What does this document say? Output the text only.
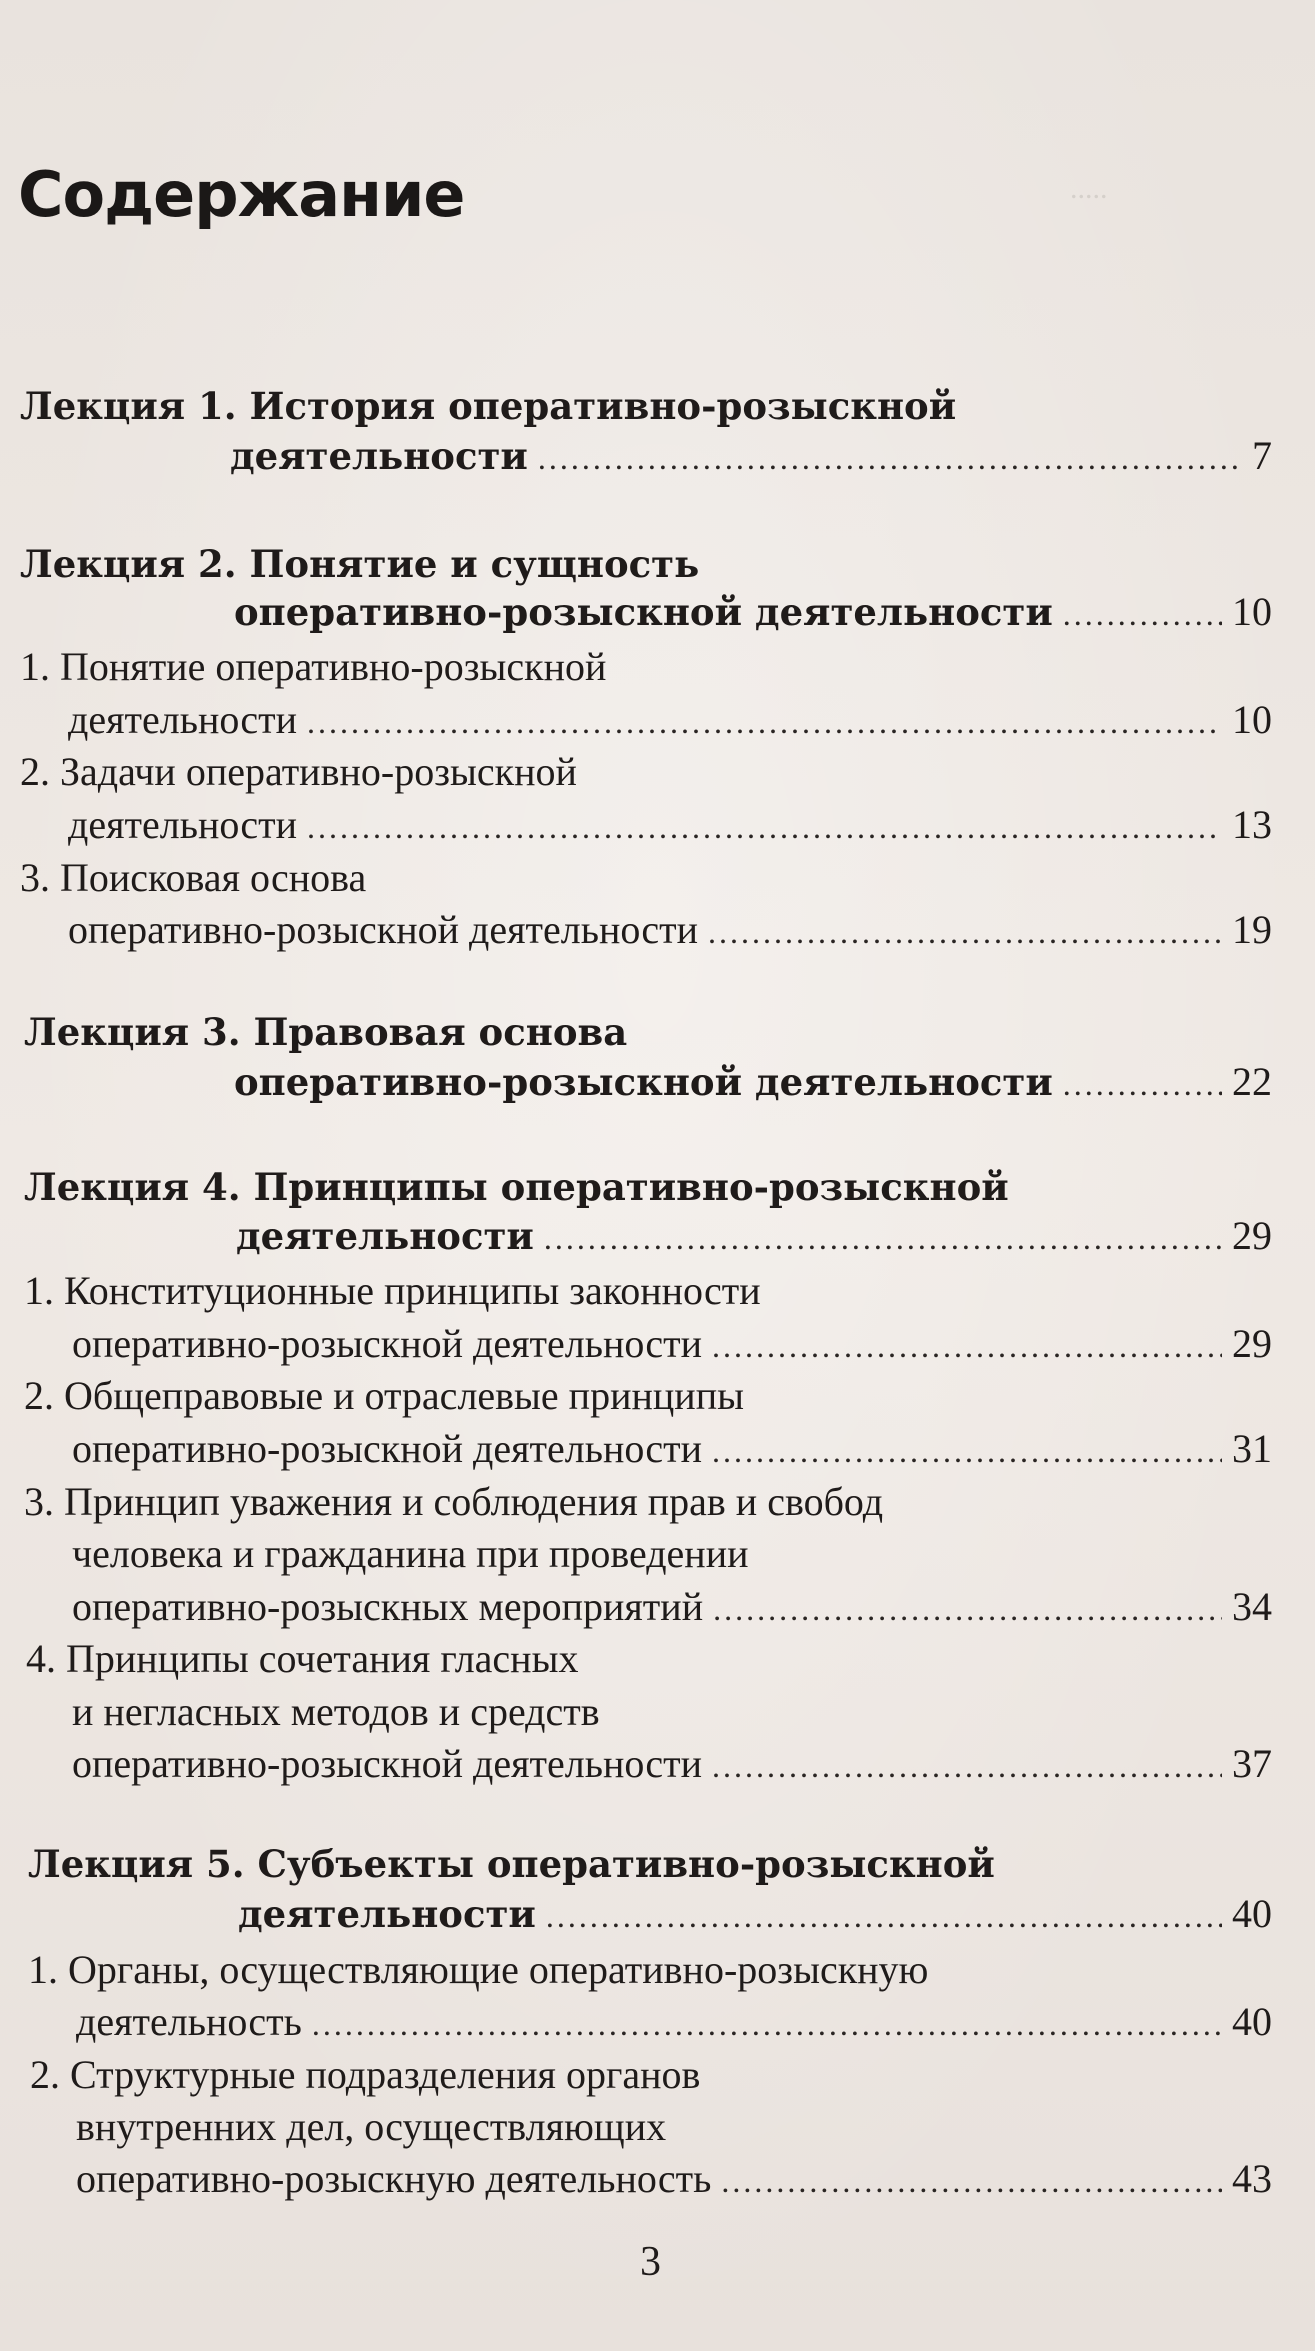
.....
Содержание
Лекция 1. История оперативно-розыскной
деятельности .....	7
Лекция 2. Понятие и сущность
оперативно-розыскной деятельности .....	10
1. Понятие оперативно-розыскной
деятельности .....	10
2. Задачи оперативно-розыскной
деятельности .....	13
3. Поисковая основа
оперативно-розыскной деятельности .....	19
Лекция 3. Правовая основа
оперативно-розыскной деятельности .....	22
Лекция 4. Принципы оперативно-розыскной
деятельности .....	29
1. Конституционные принципы законности
оперативно-розыскной деятельности .....	29
2. Общеправовые и отраслевые принципы
оперативно-розыскной деятельности .....	31
3. Принцип уважения и соблюдения прав и свобод
человека и гражданина при проведении
оперативно-розыскных мероприятий .....	34
4. Принципы сочетания гласных
и негласных методов и средств
оперативно-розыскной деятельности .....	37
Лекция 5. Субъекты оперативно-розыскной
деятельности .....	40
1. Органы, осуществляющие оперативно-розыскную
деятельность .....	40
2. Структурные подразделения органов
внутренних дел, осуществляющих
оперативно-розыскную деятельность .....	43
3
